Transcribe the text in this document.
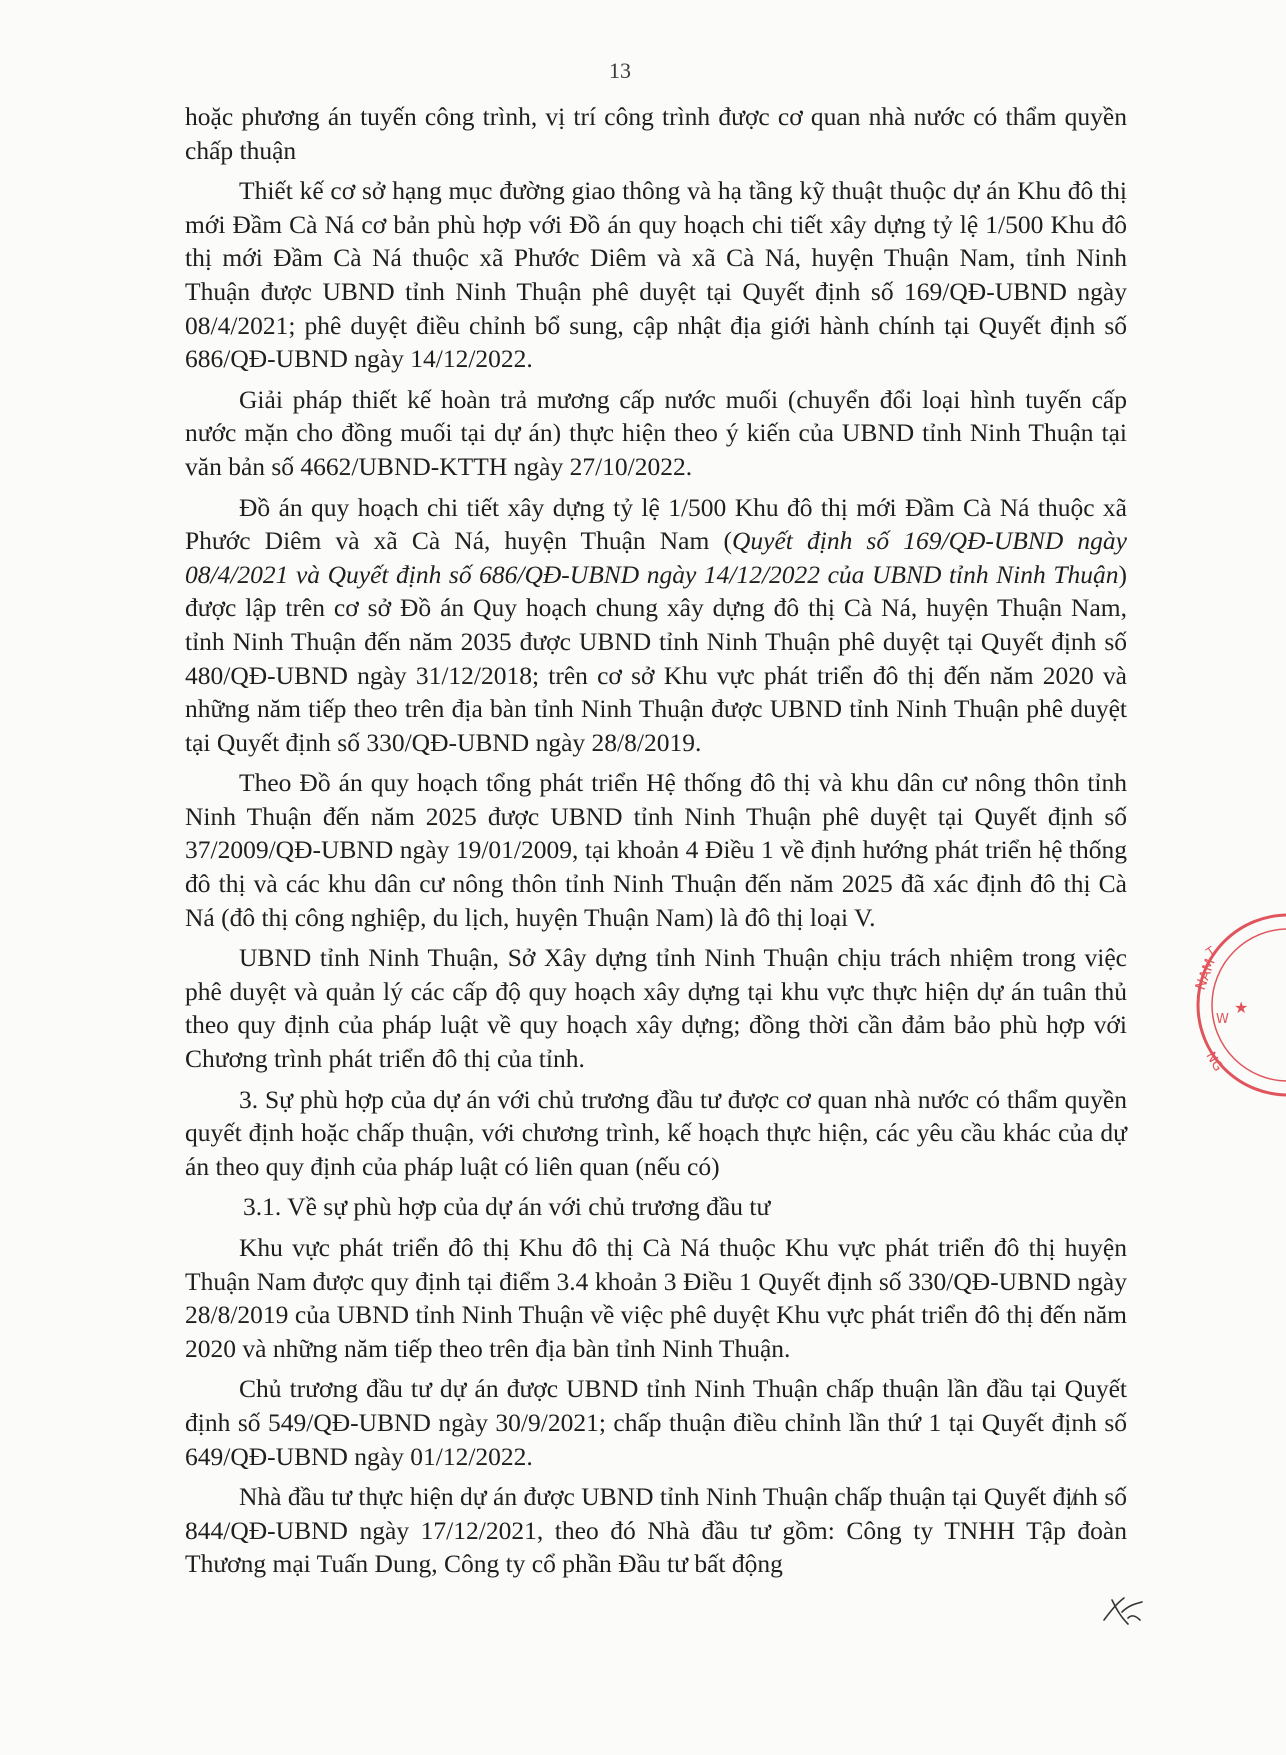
13

hoặc phương án tuyến công trình, vị trí công trình được cơ quan nhà nước có thẩm quyền chấp thuận

Thiết kế cơ sở hạng mục đường giao thông và hạ tầng kỹ thuật thuộc dự án Khu đô thị mới Đầm Cà Ná cơ bản phù hợp với Đồ án quy hoạch chi tiết xây dựng tỷ lệ 1/500 Khu đô thị mới Đầm Cà Ná thuộc xã Phước Diêm và xã Cà Ná, huyện Thuận Nam, tỉnh Ninh Thuận được UBND tỉnh Ninh Thuận phê duyệt tại Quyết định số 169/QĐ-UBND ngày 08/4/2021; phê duyệt điều chỉnh bổ sung, cập nhật địa giới hành chính tại Quyết định số 686/QĐ-UBND ngày 14/12/2022.

Giải pháp thiết kế hoàn trả mương cấp nước muối (chuyển đổi loại hình tuyến cấp nước mặn cho đồng muối tại dự án) thực hiện theo ý kiến của UBND tỉnh Ninh Thuận tại văn bản số 4662/UBND-KTTH ngày 27/10/2022.

Đồ án quy hoạch chi tiết xây dựng tỷ lệ 1/500 Khu đô thị mới Đầm Cà Ná thuộc xã Phước Diêm và xã Cà Ná, huyện Thuận Nam (Quyết định số 169/QĐ-UBND ngày 08/4/2021 và Quyết định số 686/QĐ-UBND ngày 14/12/2022 của UBND tỉnh Ninh Thuận) được lập trên cơ sở Đồ án Quy hoạch chung xây dựng đô thị Cà Ná, huyện Thuận Nam, tỉnh Ninh Thuận đến năm 2035 được UBND tỉnh Ninh Thuận phê duyệt tại Quyết định số 480/QĐ-UBND ngày 31/12/2018; trên cơ sở Khu vực phát triển đô thị đến năm 2020 và những năm tiếp theo trên địa bàn tỉnh Ninh Thuận được UBND tỉnh Ninh Thuận phê duyệt tại Quyết định số 330/QĐ-UBND ngày 28/8/2019.

Theo Đồ án quy hoạch tổng phát triển Hệ thống đô thị và khu dân cư nông thôn tỉnh Ninh Thuận đến năm 2025 được UBND tỉnh Ninh Thuận phê duyệt tại Quyết định số 37/2009/QĐ-UBND ngày 19/01/2009, tại khoản 4 Điều 1 về định hướng phát triển hệ thống đô thị và các khu dân cư nông thôn tỉnh Ninh Thuận đến năm 2025 đã xác định đô thị Cà Ná (đô thị công nghiệp, du lịch, huyện Thuận Nam) là đô thị loại V.

UBND tỉnh Ninh Thuận, Sở Xây dựng tỉnh Ninh Thuận chịu trách nhiệm trong việc phê duyệt và quản lý các cấp độ quy hoạch xây dựng tại khu vực thực hiện dự án tuân thủ theo quy định của pháp luật về quy hoạch xây dựng; đồng thời cần đảm bảo phù hợp với Chương trình phát triển đô thị của tỉnh.

3. Sự phù hợp của dự án với chủ trương đầu tư được cơ quan nhà nước có thẩm quyền quyết định hoặc chấp thuận, với chương trình, kế hoạch thực hiện, các yêu cầu khác của dự án theo quy định của pháp luật có liên quan (nếu có)

3.1. Về sự phù hợp của dự án với chủ trương đầu tư

Khu vực phát triển đô thị Khu đô thị Cà Ná thuộc Khu vực phát triển đô thị huyện Thuận Nam được quy định tại điểm 3.4 khoản 3 Điều 1 Quyết định số 330/QĐ-UBND ngày 28/8/2019 của UBND tỉnh Ninh Thuận về việc phê duyệt Khu vực phát triển đô thị đến năm 2020 và những năm tiếp theo trên địa bàn tỉnh Ninh Thuận.

Chủ trương đầu tư dự án được UBND tỉnh Ninh Thuận chấp thuận lần đầu tại Quyết định số 549/QĐ-UBND ngày 30/9/2021; chấp thuận điều chỉnh lần thứ 1 tại Quyết định số 649/QĐ-UBND ngày 01/12/2022.

Nhà đầu tư thực hiện dự án được UBND tỉnh Ninh Thuận chấp thuận tại Quyết định số 844/QĐ-UBND ngày 17/12/2021, theo đó Nhà đầu tư gồm: Công ty TNHH Tập đoàn Thương mại Tuấn Dung, Công ty cổ phần Đầu tư bất động

T
NAM
W
NG
★
